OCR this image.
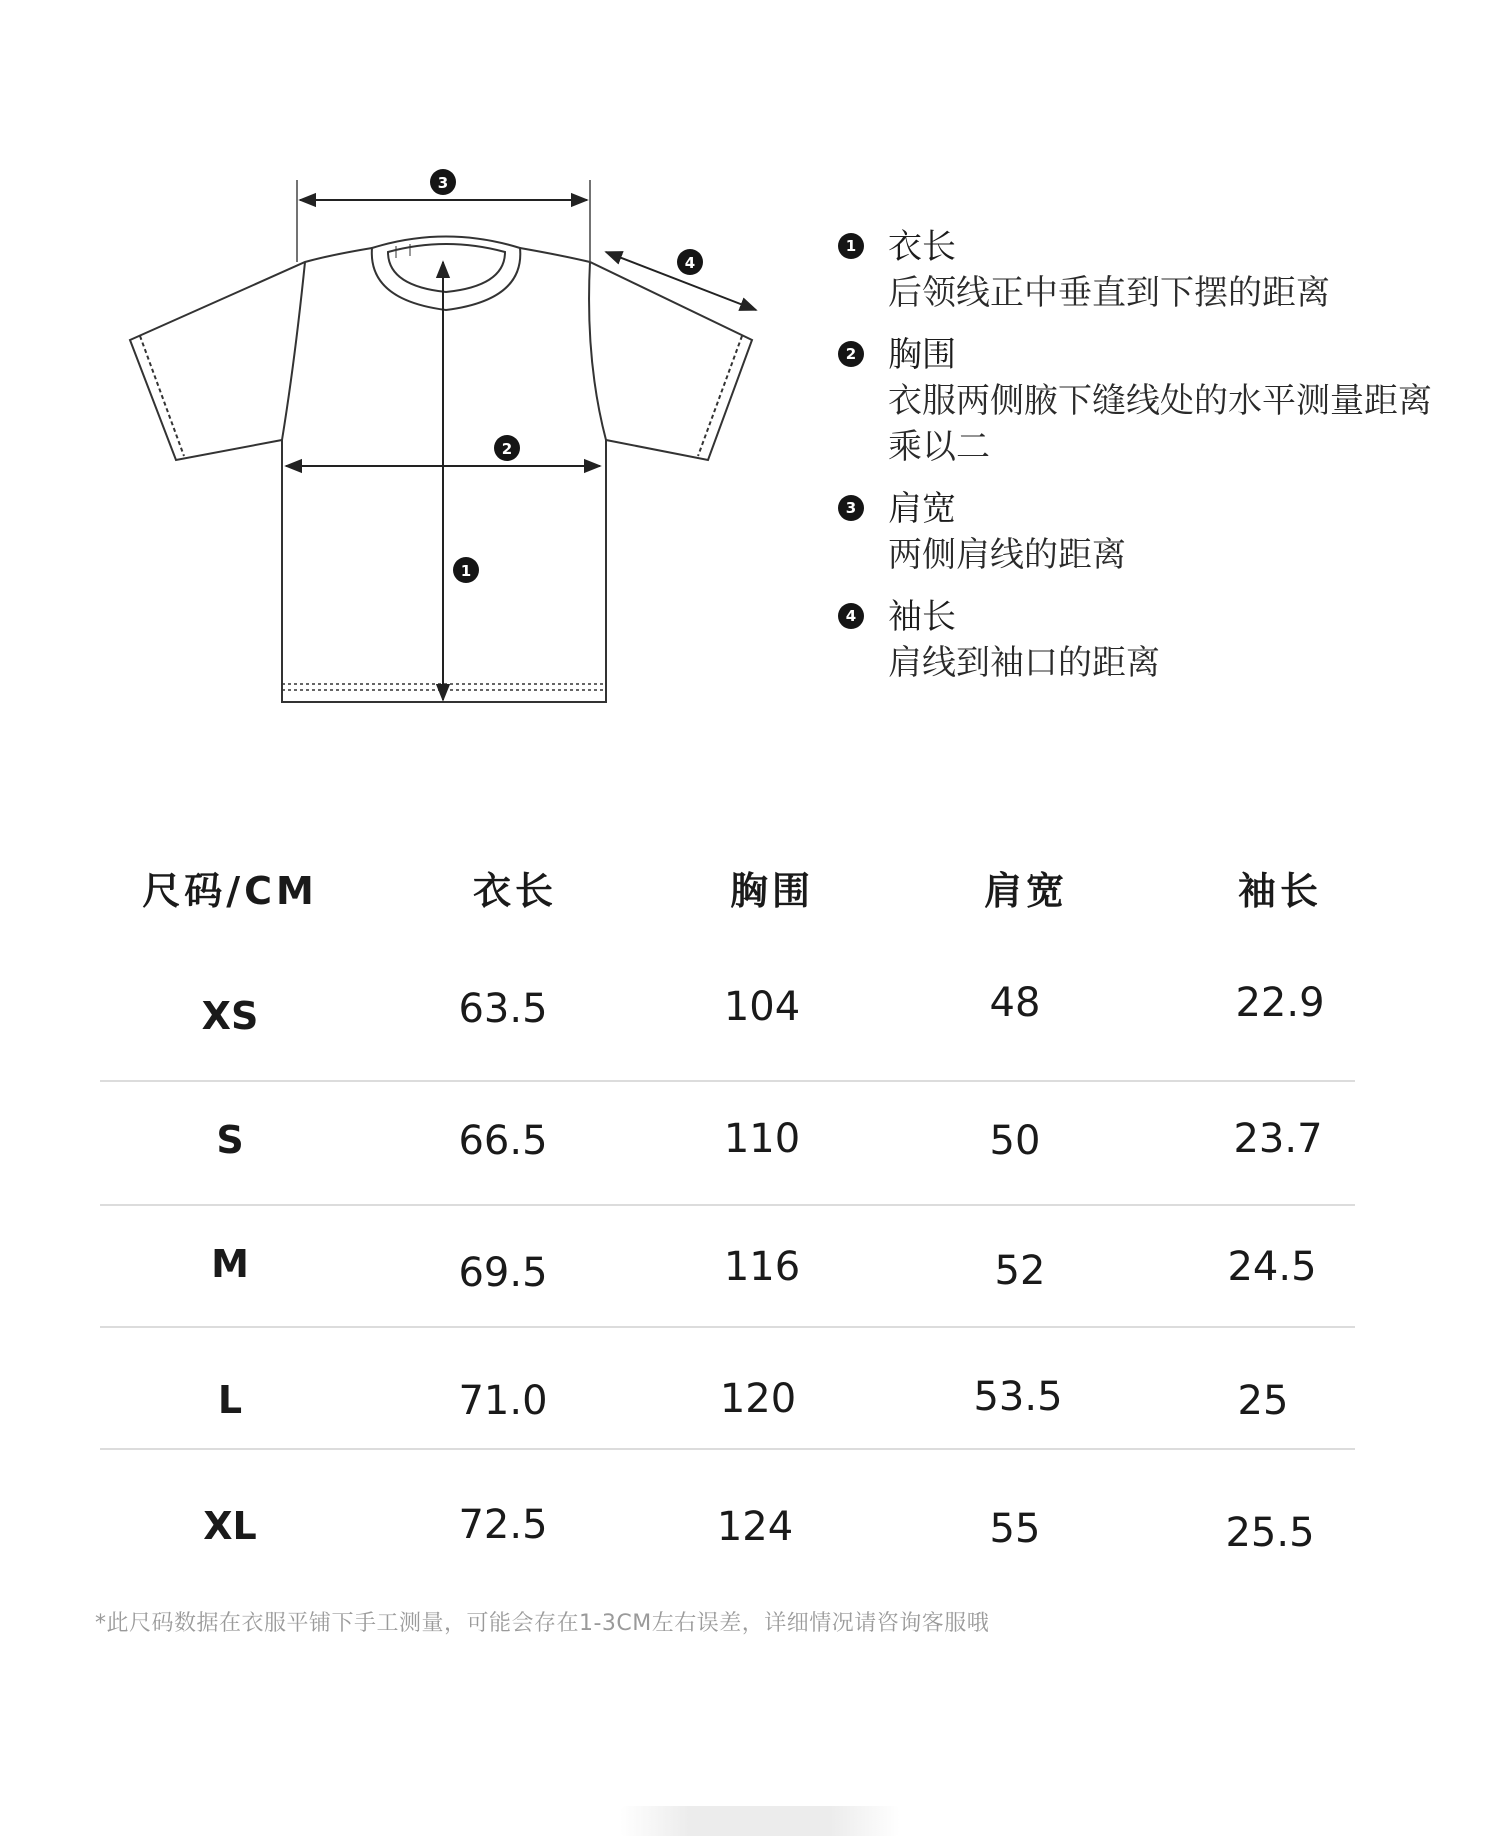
3
2
1
4
1 衣长
后领线正中垂直到下摆的距离
2 胸围
衣服两侧腋下缝线处的水平测量距离
乘以二
3 肩宽
两侧肩线的距离
4 袖长
肩线到袖口的距离
尺码/CM	衣长	胸围	肩宽	袖长
XS	63.5	104	48	22.9
S	66.5	110	50	23.7
M	69.5	116	52	24.5
L	71.0	120	53.5	25
XL	72.5	124	55	25.5
*此尺码数据在衣服平铺下手工测量，可能会存在1-3CM左右误差，详细情况请咨询客服哦
